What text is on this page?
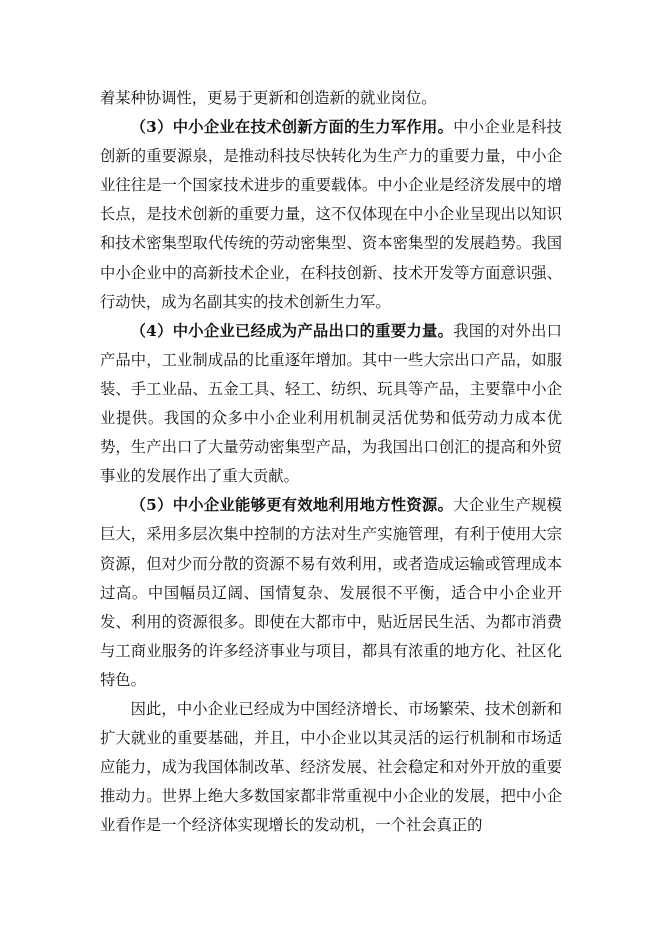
着某种协调性，更易于更新和创造新的就业岗位。

（3）中小企业在技术创新方面的生力军作用。中小企业是科技创新的重要源泉，是推动科技尽快转化为生产力的重要力量，中小企业往往是一个国家技术进步的重要载体。中小企业是经济发展中的增长点，是技术创新的重要力量，这不仅体现在中小企业呈现出以知识和技术密集型取代传统的劳动密集型、资本密集型的发展趋势。我国中小企业中的高新技术企业，在科技创新、技术开发等方面意识强、行动快，成为名副其实的技术创新生力军。

（4）中小企业已经成为产品出口的重要力量。我国的对外出口产品中，工业制成品的比重逐年增加。其中一些大宗出口产品，如服装、手工业品、五金工具、轻工、纺织、玩具等产品，主要靠中小企业提供。我国的众多中小企业利用机制灵活优势和低劳动力成本优势，生产出口了大量劳动密集型产品，为我国出口创汇的提高和外贸事业的发展作出了重大贡献。

（5）中小企业能够更有效地利用地方性资源。大企业生产规模巨大，采用多层次集中控制的方法对生产实施管理，有利于使用大宗资源，但对少而分散的资源不易有效利用，或者造成运输或管理成本过高。中国幅员辽阔、国情复杂、发展很不平衡，适合中小企业开发、利用的资源很多。即使在大都市中，贴近居民生活、为都市消费与工商业服务的许多经济事业与项目，都具有浓重的地方化、社区化特色。

因此，中小企业已经成为中国经济增长、市场繁荣、技术创新和扩大就业的重要基础，并且，中小企业以其灵活的运行机制和市场适应能力，成为我国体制改革、经济发展、社会稳定和对外开放的重要推动力。世界上绝大多数国家都非常重视中小企业的发展，把中小企业看作是一个经济体实现增长的发动机，一个社会真正的
